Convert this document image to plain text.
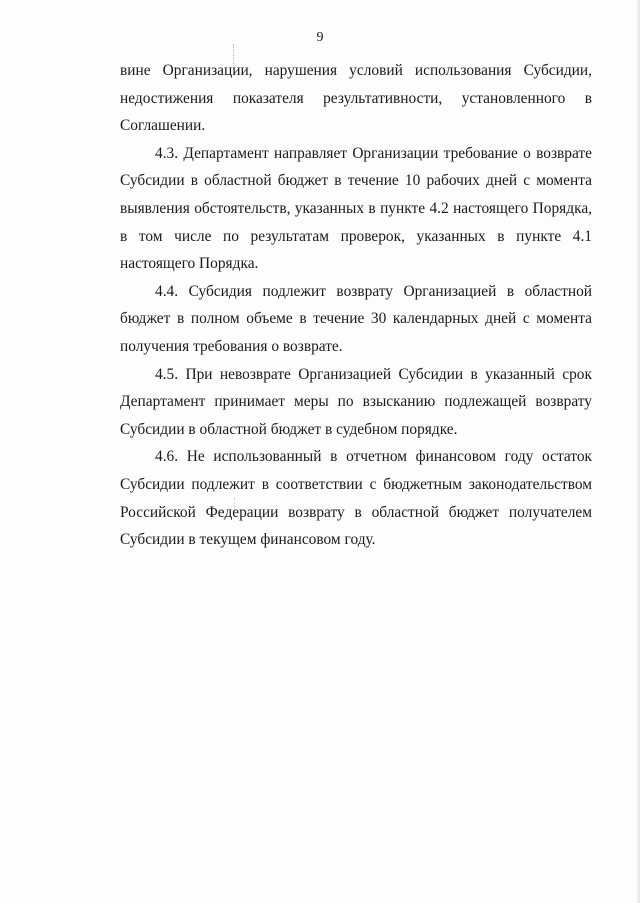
9

вине Организации, нарушения условий использования Субсидии,
недостижения показателя результативности, установленного в Соглашении.

4.3. Департамент направляет Организации требование о возврате Субсидии в областной бюджет в течение 10 рабочих дней с момента выявления обстоятельств, указанных в пункте 4.2 настоящего Порядка, в том числе по результатам проверок, указанных в пункте 4.1 настоящего Порядка.

4.4. Субсидия подлежит возврату Организацией в областной бюджет в полном объеме в течение 30 календарных дней с момента получения требования о возврате.

4.5. При невозврате Организацией Субсидии в указанный срок Департамент принимает меры по взысканию подлежащей возврату Субсидии в областной бюджет в судебном порядке.

4.6. Не использованный в отчетном финансовом году остаток Субсидии подлежит в соответствии с бюджетным законодательством Российской Федерации возврату в областной бюджет получателем Субсидии в текущем финансовом году.
